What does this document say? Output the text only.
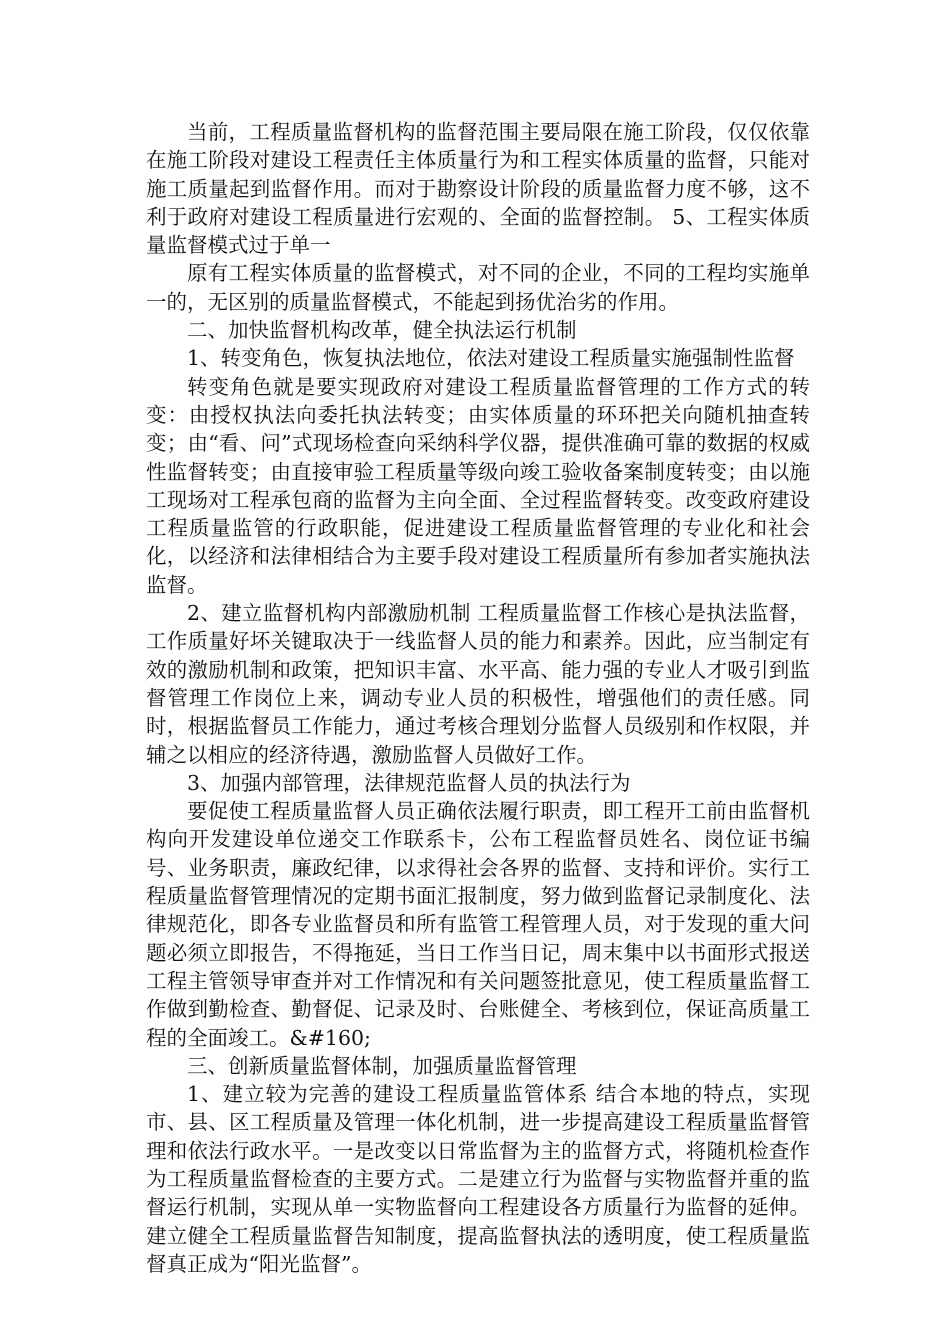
当前，工程质量监督机构的监督范围主要局限在施工阶段，仅仅依靠在施工阶段对建设工程责任主体质量行为和工程实体质量的监督，只能对施工质量起到监督作用。而对于勘察设计阶段的质量监督力度不够，这不利于政府对建设工程质量进行宏观的、全面的监督控制。 5、工程实体质量监督模式过于单一

原有工程实体质量的监督模式，对不同的企业，不同的工程均实施单一的，无区别的质量监督模式，不能起到扬优治劣的作用。

二、加快监督机构改革，健全执法运行机制

1、转变角色，恢复执法地位，依法对建设工程质量实施强制性监督

转变角色就是要实现政府对建设工程质量监督管理的工作方式的转变：由授权执法向委托执法转变；由实体质量的环环把关向随机抽查转变；由“看、问”式现场检查向采纳科学仪器，提供准确可靠的数据的权威性监督转变；由直接审验工程质量等级向竣工验收备案制度转变；由以施工现场对工程承包商的监督为主向全面、全过程监督转变。改变政府建设工程质量监管的行政职能，促进建设工程质量监督管理的专业化和社会化，以经济和法律相结合为主要手段对建设工程质量所有参加者实施执法监督。

2、建立监督机构内部激励机制 工程质量监督工作核心是执法监督，工作质量好坏关键取决于一线监督人员的能力和素养。因此，应当制定有效的激励机制和政策，把知识丰富、水平高、能力强的专业人才吸引到监督管理工作岗位上来，调动专业人员的积极性，增强他们的责任感。同时，根据监督员工作能力，通过考核合理划分监督人员级别和作权限，并辅之以相应的经济待遇，激励监督人员做好工作。

3、加强内部管理，法律规范监督人员的执法行为

要促使工程质量监督人员正确依法履行职责，即工程开工前由监督机构向开发建设单位递交工作联系卡，公布工程监督员姓名、岗位证书编号、业务职责，廉政纪律，以求得社会各界的监督、支持和评价。实行工程质量监督管理情况的定期书面汇报制度，努力做到监督记录制度化、法律规范化，即各专业监督员和所有监管工程管理人员，对于发现的重大问题必须立即报告，不得拖延，当日工作当日记，周末集中以书面形式报送工程主管领导审查并对工作情况和有关问题签批意见，使工程质量监督工作做到勤检查、勤督促、记录及时、台账健全、考核到位，保证高质量工程的全面竣工。&#160;

三、创新质量监督体制，加强质量监督管理

1、建立较为完善的建设工程质量监管体系 结合本地的特点，实现市、县、区工程质量及管理一体化机制，进一步提高建设工程质量监督管理和依法行政水平。一是改变以日常监督为主的监督方式，将随机检查作为工程质量监督检查的主要方式。二是建立行为监督与实物监督并重的监督运行机制，实现从单一实物监督向工程建设各方质量行为监督的延伸。建立健全工程质量监督告知制度，提高监督执法的透明度，使工程质量监督真正成为“阳光监督”。
